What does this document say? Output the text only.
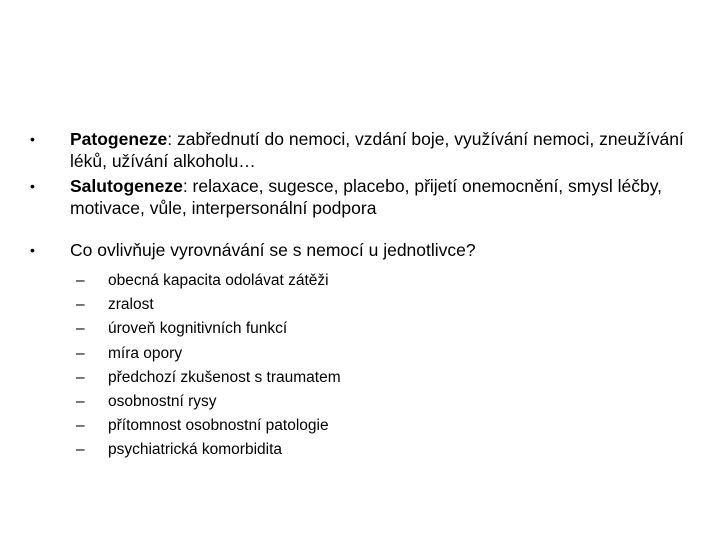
•	Patogeneze: zabřednutí do nemoci, vzdání boje, využívání nemoci, zneužívání léků, užívání alkoholu…
•	Salutogeneze: relaxace, sugesce, placebo, přijetí onemocnění, smysl léčby, motivace, vůle, interpersonální podpora
•	Co ovlivňuje vyrovnávání se s nemocí u jednotlivce?
–	obecná kapacita odolávat zátěži
–	zralost
–	úroveň kognitivních funkcí
–	míra opory
–	předchozí zkušenost s traumatem
–	osobnostní rysy
–	přítomnost osobnostní patologie
–	psychiatrická komorbidita
